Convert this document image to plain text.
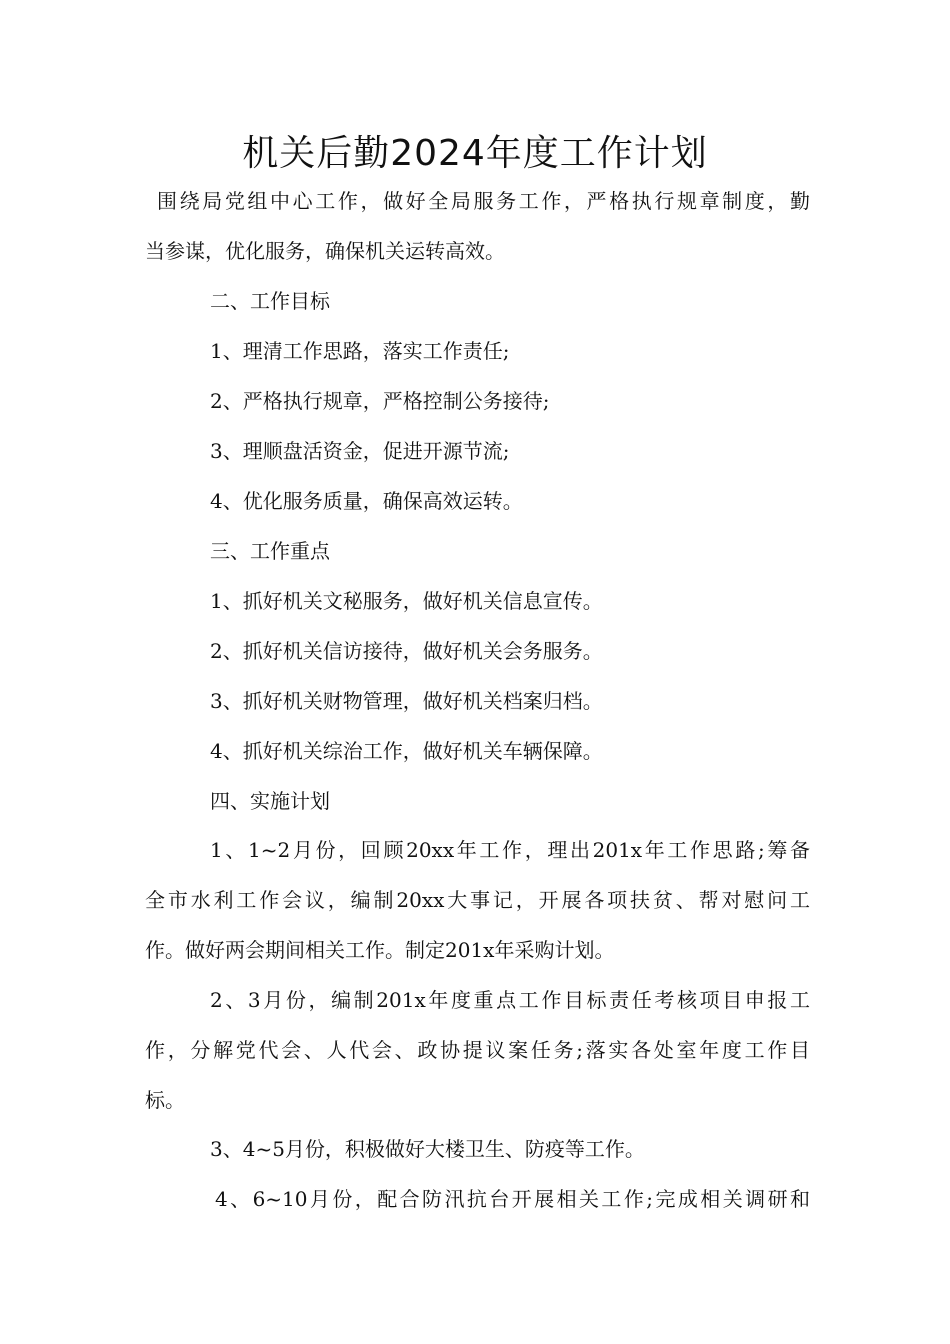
机关后勤2024年度工作计划

围绕局党组中心工作，做好全局服务工作，严格执行规章制度，勤

当参谋，优化服务，确保机关运转高效。

二、工作目标

1、理清工作思路，落实工作责任;

2、严格执行规章，严格控制公务接待;

3、理顺盘活资金，促进开源节流;

4、优化服务质量，确保高效运转。

三、工作重点

1、抓好机关文秘服务，做好机关信息宣传。

2、抓好机关信访接待，做好机关会务服务。

3、抓好机关财物管理，做好机关档案归档。

4、抓好机关综治工作，做好机关车辆保障。

四、实施计划

1、1~2月份，回顾20xx年工作，理出201x年工作思路;筹备

全市水利工作会议，编制20xx大事记，开展各项扶贫、帮对慰问工

作。做好两会期间相关工作。制定201x年采购计划。

2、3月份，编制201x年度重点工作目标责任考核项目申报工

作，分解党代会、人代会、政协提议案任务;落实各处室年度工作目

标。

3、4~5月份，积极做好大楼卫生、防疫等工作。

4、6~10月份，配合防汛抗台开展相关工作;完成相关调研和
